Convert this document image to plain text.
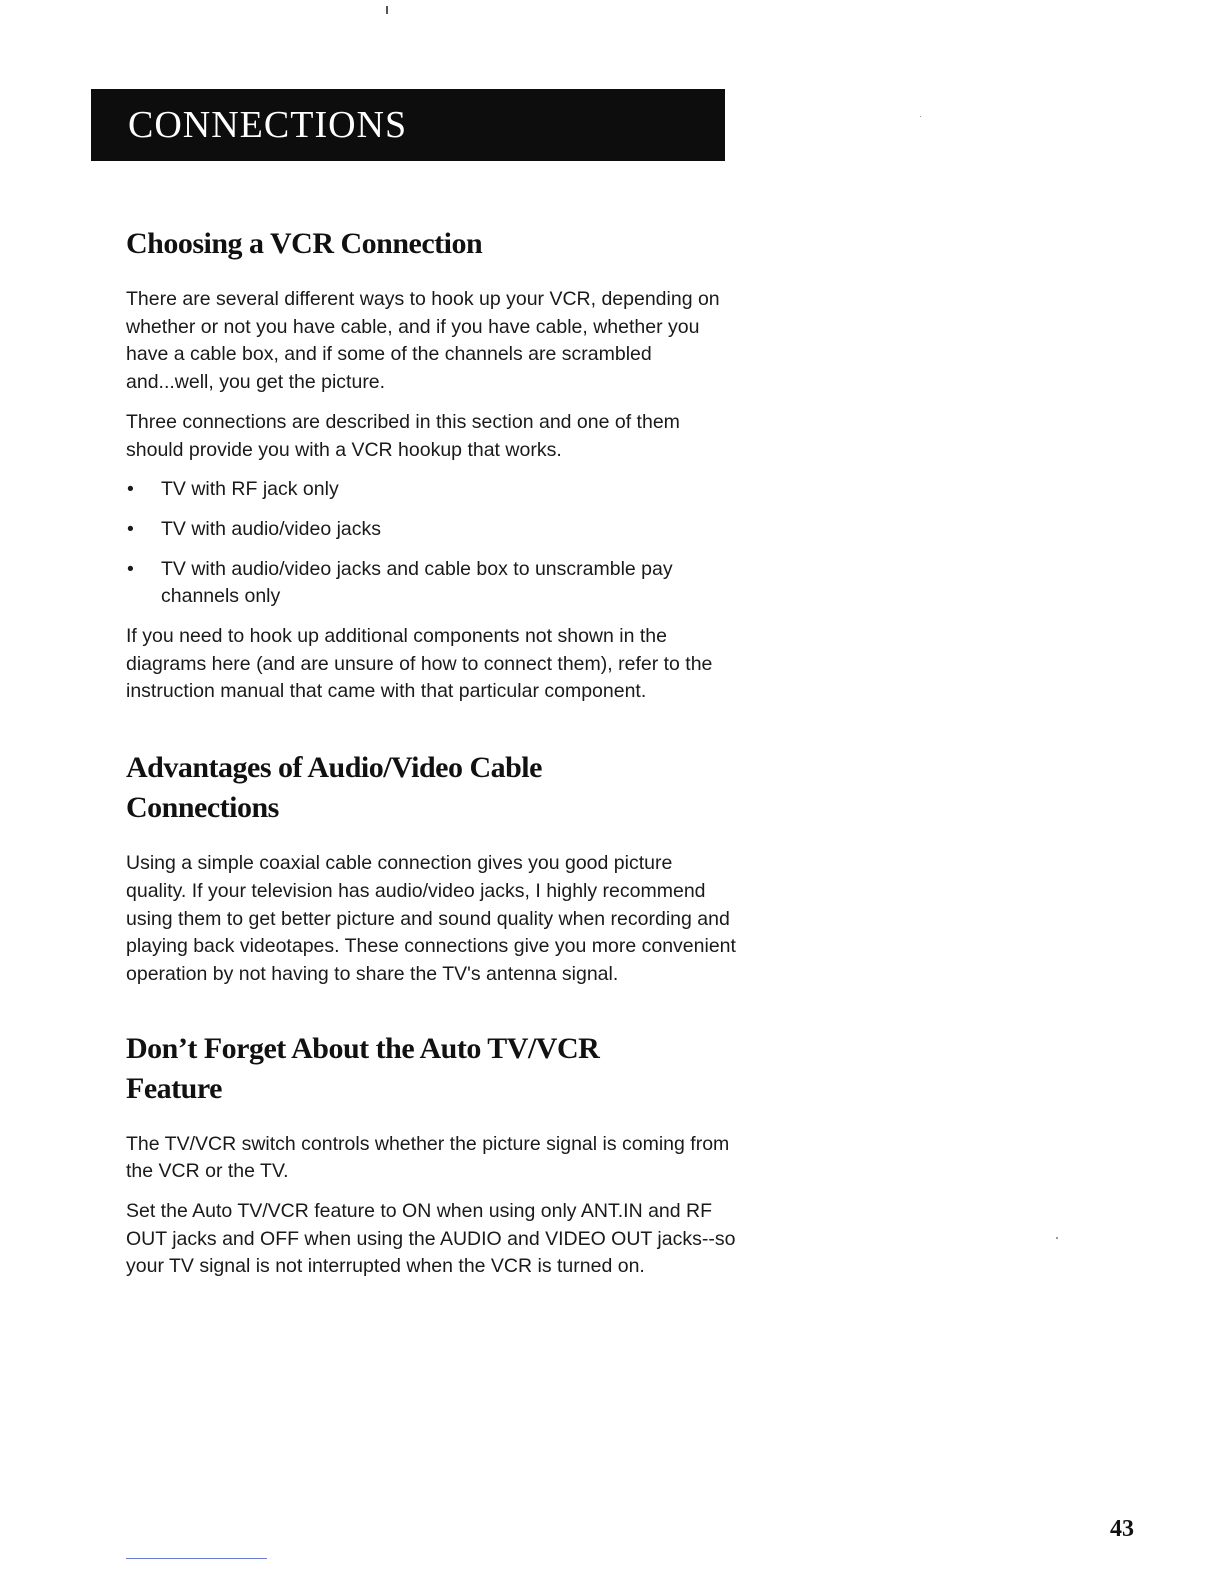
CONNECTIONS
Choosing a VCR Connection

There are several different ways to hook up your VCR, depending on whether or not you have cable, and if you have cable, whether you have a cable box, and if some of the channels are scrambled and...well, you get the picture.

Three connections are described in this section and one of them should provide you with a VCR hookup that works.

• TV with RF jack only
• TV with audio/video jacks
• TV with audio/video jacks and cable box to unscramble pay channels only

If you need to hook up additional components not shown in the diagrams here (and are unsure of how to connect them), refer to the instruction manual that came with that particular component.

Advantages of Audio/Video Cable
Connections

Using a simple coaxial cable connection gives you good picture quality. If your television has audio/video jacks, I highly recommend using them to get better picture and sound quality when recording and playing back videotapes. These connections give you more convenient operation by not having to share the TV's antenna signal.

Don’t Forget About the Auto TV/VCR
Feature

The TV/VCR switch controls whether the picture signal is coming from the VCR or the TV.

Set the Auto TV/VCR feature to ON when using only ANT.IN and RF OUT jacks and OFF when using the AUDIO and VIDEO OUT jacks--so your TV signal is not interrupted when the VCR is turned on.

43
